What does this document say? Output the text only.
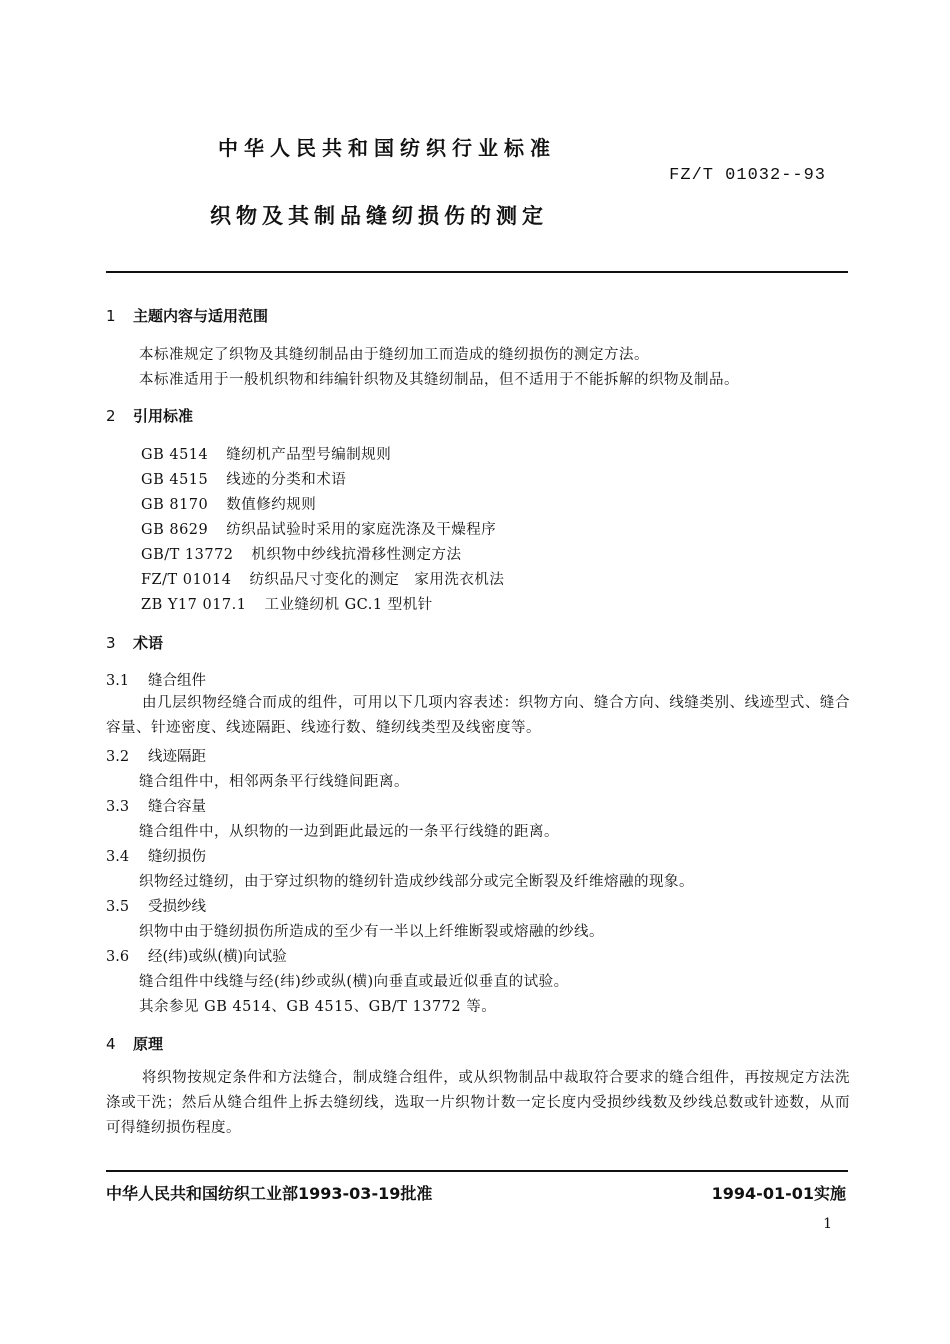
中华人民共和国纺织行业标准
FZ/T 01032--93
织物及其制品缝纫损伤的测定
1 主题内容与适用范围
本标准规定了织物及其缝纫制品由于缝纫加工而造成的缝纫损伤的测定方法。
本标准适用于一般机织物和纬编针织物及其缝纫制品，但不适用于不能拆解的织物及制品。
2 引用标准
GB 4514 缝纫机产品型号编制规则
GB 4515 线迹的分类和术语
GB 8170 数值修约规则
GB 8629 纺织品试验时采用的家庭洗涤及干燥程序
GB/T 13772 机织物中纱线抗滑移性测定方法
FZ/T 01014 纺织品尺寸变化的测定　家用洗衣机法
ZB Y17 017.1 工业缝纫机 GC.1 型机针
3 术语
3.1 缝合组件
由几层织物经缝合而成的组件，可用以下几项内容表述：织物方向、缝合方向、线缝类别、线迹型式、缝合容量、针迹密度、线迹隔距、线迹行数、缝纫线类型及线密度等。
3.2 线迹隔距
缝合组件中，相邻两条平行线缝间距离。
3.3 缝合容量
缝合组件中，从织物的一边到距此最远的一条平行线缝的距离。
3.4 缝纫损伤
织物经过缝纫，由于穿过织物的缝纫针造成纱线部分或完全断裂及纤维熔融的现象。
3.5 受损纱线
织物中由于缝纫损伤所造成的至少有一半以上纤维断裂或熔融的纱线。
3.6 经(纬)或纵(横)向试验
缝合组件中线缝与经(纬)纱或纵(横)向垂直或最近似垂直的试验。
其余参见 GB 4514、GB 4515、GB/T 13772 等。
4 原理
将织物按规定条件和方法缝合，制成缝合组件，或从织物制品中裁取符合要求的缝合组件，再按规定方法洗涤或干洗；然后从缝合组件上拆去缝纫线，选取一片织物计数一定长度内受损纱线数及纱线总数或针迹数，从而可得缝纫损伤程度。
中华人民共和国纺织工业部1993-03-19批准	1994-01-01实施
1
